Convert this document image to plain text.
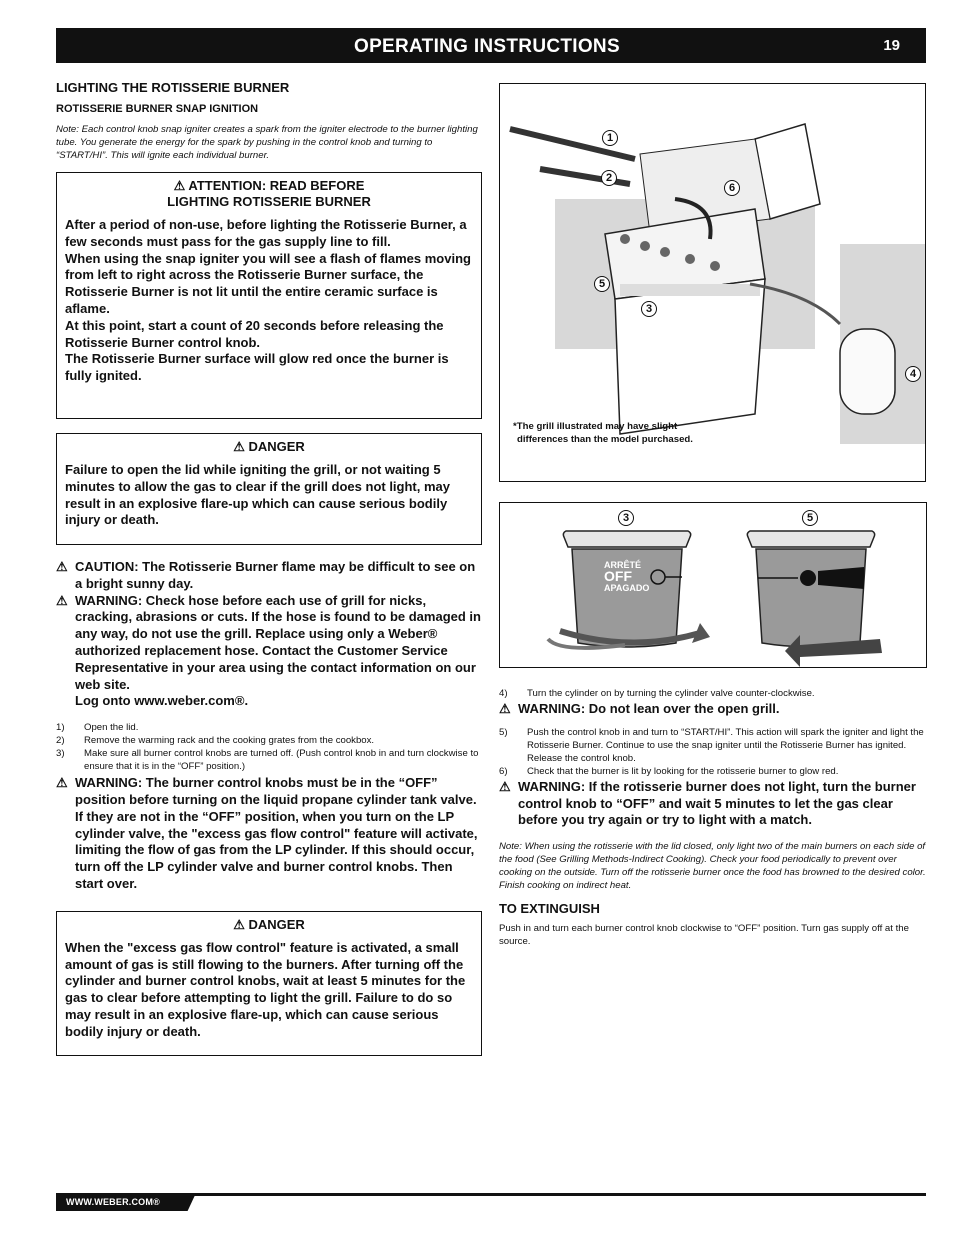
OPERATING INSTRUCTIONS	19
LIGHTING THE ROTISSERIE BURNER
ROTISSERIE BURNER SNAP IGNITION

Note: Each control knob snap igniter creates a spark from the igniter electrode to the burner lighting tube. You generate the energy for the spark by pushing in the control knob and turning to “START/HI”. This will ignite each individual burner.

⚠ ATTENTION: READ BEFORE
LIGHTING ROTISSERIE BURNER

After a period of non-use, before lighting the Rotisserie Burner, a few seconds must pass for the gas supply line to fill.

When using the snap igniter you will see a flash of flames moving from left to right across the Rotisserie Burner surface, the Rotisserie Burner is not lit until the entire ceramic surface is aflame.

At this point, start a count of 20 seconds before releasing the Rotisserie Burner control knob.

The Rotisserie Burner surface will glow red once the burner is fully ignited.

⚠ DANGER

Failure to open the lid while igniting the grill, or not waiting 5 minutes to allow the gas to clear if the grill does not light, may result in an explosive flare-up which can cause serious bodily injury or death.

⚠ CAUTION: The Rotisserie Burner flame may be difficult to see on a bright sunny day.
⚠ WARNING: Check hose before each use of grill for nicks, cracking, abrasions or cuts. If the hose is found to be damaged in any way, do not use the grill. Replace using only a Weber® authorized replacement hose. Contact the Customer Service Representative in your area using the contact information on our web site.
Log onto www.weber.com®.
1) Open the lid.
2) Remove the warming rack and the cooking grates from the cookbox.
3) Make sure all burner control knobs are turned off. (Push control knob in and turn clockwise to ensure that it is in the “OFF” position.)
⚠ WARNING: The burner control knobs must be in the “OFF” position before turning on the liquid propane cylinder tank valve. If they are not in the “OFF” position, when you turn on the LP cylinder valve, the "excess gas flow control" feature will activate, limiting the flow of gas from the LP cylinder. If this should occur, turn off the LP cylinder valve and burner control knobs. Then start over.
⚠ DANGER

When the "excess gas flow control" feature is activated, a small amount of gas is still flowing to the burners. After turning off the cylinder and burner control knobs, wait at least 5 minutes for the gas to clear before attempting to light the grill. Failure to do so may result in an explosive flare-up, which can cause serious bodily injury or death.

1
2
6
5
3
4
*The grill illustrated may have slight
differences than the model purchased.
3	5
ARRÊTÉ
OFF
APAGADO
4) Turn the cylinder on by turning the cylinder valve counter-clockwise.
⚠ WARNING: Do not lean over the open grill.
5) Push the control knob in and turn to “START/HI”. This action will spark the igniter and light the Rotisserie Burner. Continue to use the snap igniter until the Rotisserie Burner has ignited. Release the control knob.
6) Check that the burner is lit by looking for the rotisserie burner to glow red.
⚠ WARNING: If the rotisserie burner does not light, turn the burner control knob to “OFF” and wait 5 minutes to let the gas clear before you try again or try to light with a match.

Note: When using the rotisserie with the lid closed, only light two of the main burners on each side of the food (See Grilling Methods-Indirect Cooking). Check your food periodically to prevent over cooking on the outside. Turn off the rotisserie burner once the food has browned to the desired color. Finish cooking on indirect heat.

TO EXTINGUISH

Push in and turn each burner control knob clockwise to “OFF” position. Turn gas supply off at the source.

WWW.WEBER.COM®
